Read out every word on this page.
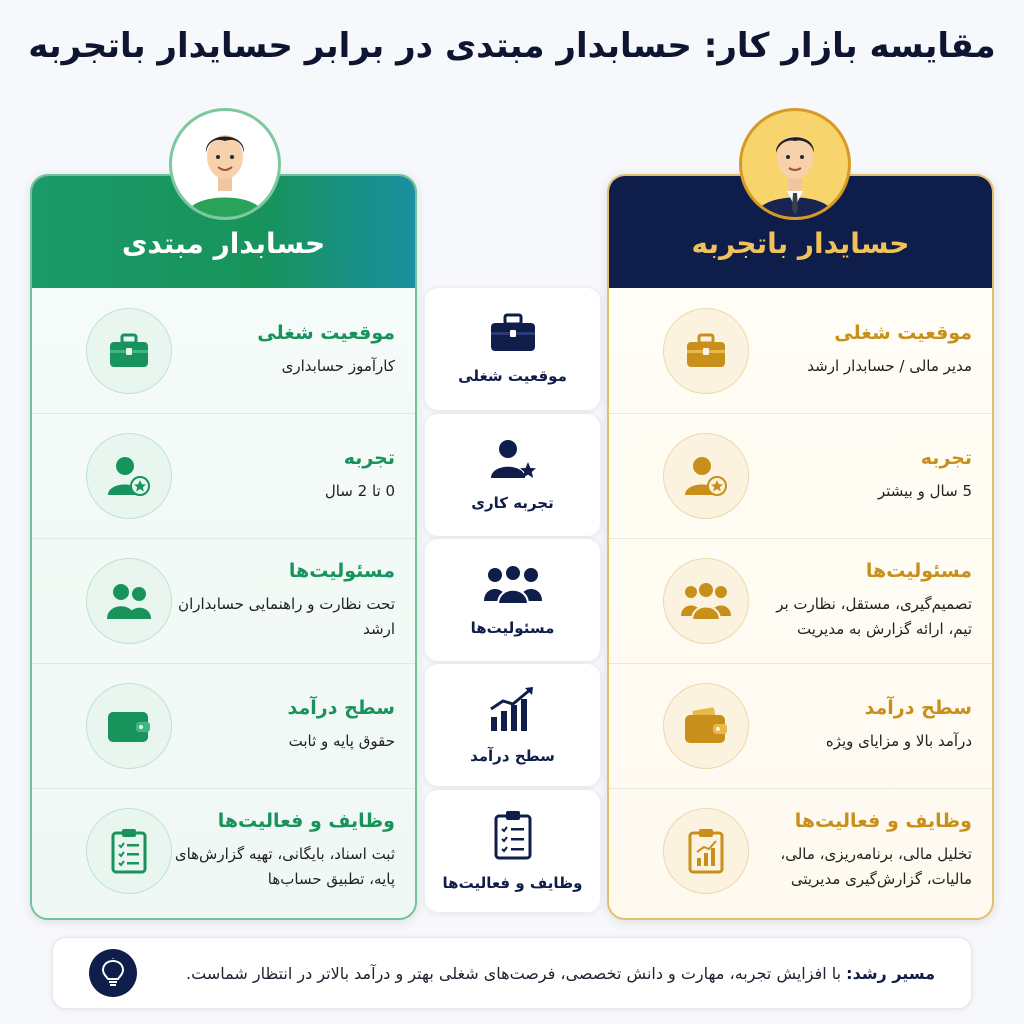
مقایسه بازار کار: حسابدار مبتدی در برابر حسایدار باتجربه
حسایدار باتجربه
موقعیت شغلی
مدیر مالی / حسابدار ارشد
تجربه
5 سال و بیشتر
مسئولیت‌ها
تصمیم‌گیری، مستقل، نظارت بر تیم، ارائه گزارش به مدیریت
سطح درآمد
درآمد بالا و مزایای ویژه
وظایف و فعالیت‌ها
تخلیل مالی، برنامه‌ریزی، مالی، مالیات، گزارش‌گیری مدیریتی
حسابدار مبتدی
موقعیت شغلی
کارآموز حسابداری
تجربه
0 تا 2 سال
مسئولیت‌ها
تحت نظارت و راهنمایی حسابداران ارشد
سطح درآمد
حقوق پایه و ثابت
وظایف و فعالیت‌ها
ثبت اسناد، بایگانی، تهیه گزارش‌های پایه، تطبیق حساب‌ها
موقعیت شغلی
تجربه کاری
مسئولیت‌ها
سطح درآمد
وظایف و فعالیت‌ها
مسیر رشد: با افزایش تجربه، مهارت و دانش تخصصی، فرصت‌های شغلی بهتر و درآمد بالاتر در انتظار شماست.
